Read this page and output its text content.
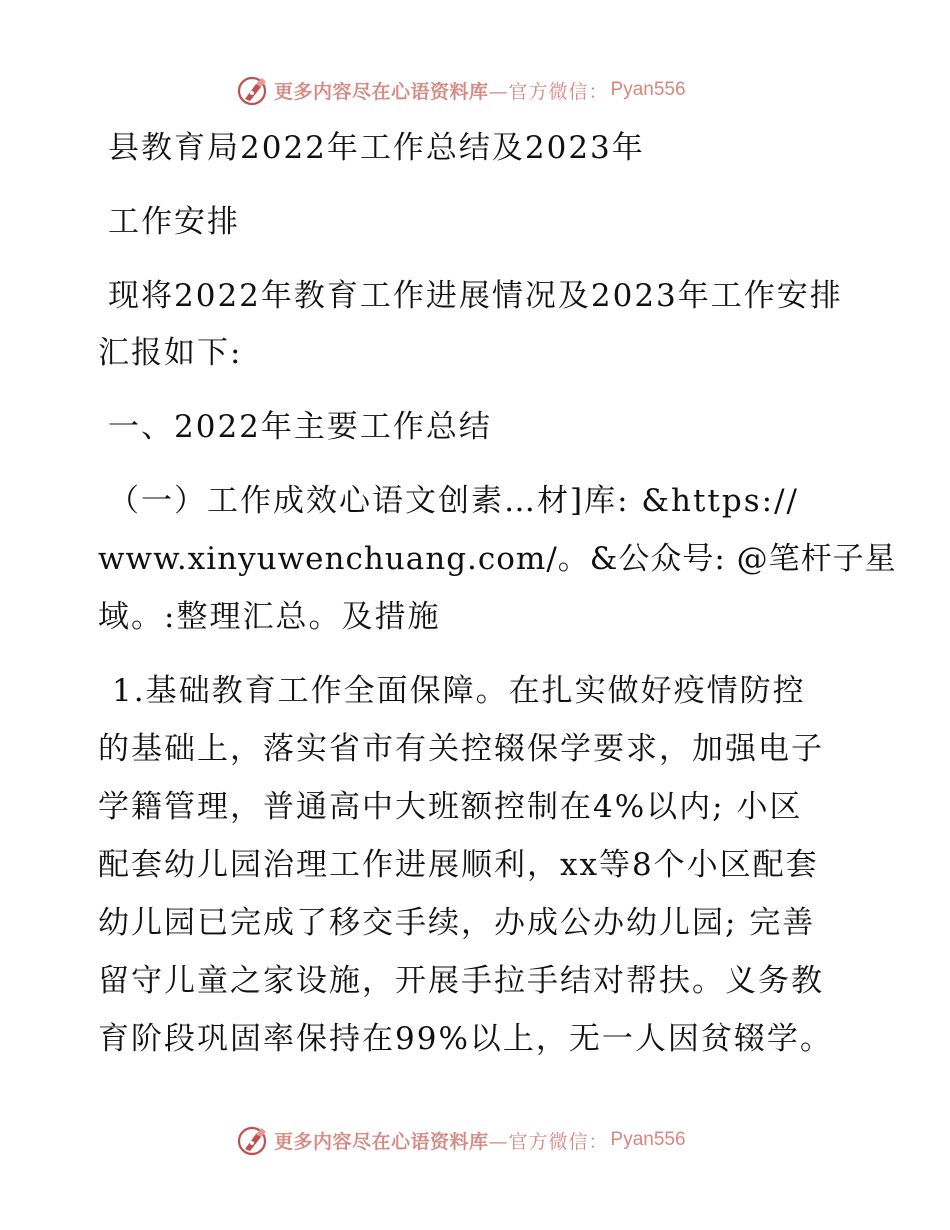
更多内容尽在心语资料库 —官方微信： Pyan556

县教育局2022年工作总结及2023年

工作安排

现将2022年教育工作进展情况及2023年工作安排

汇报如下:

一、2022年主要工作总结

（一）工作成效心语文创素…材]库: &https://

www.xinyuwenchuang.com/。&公众号: @笔杆子星

域。:整理汇总。及措施

1.基础教育工作全面保障。在扎实做好疫情防控

的基础上，落实省市有关控辍保学要求，加强电子

学籍管理，普通高中大班额控制在4%以内; 小区

配套幼儿园治理工作进展顺利，xx等8个小区配套

幼儿园已完成了移交手续，办成公办幼儿园; 完善

留守儿童之家设施，开展手拉手结对帮扶。义务教

育阶段巩固率保持在99%以上，无一人因贫辍学。

更多内容尽在心语资料库 —官方微信： Pyan556
